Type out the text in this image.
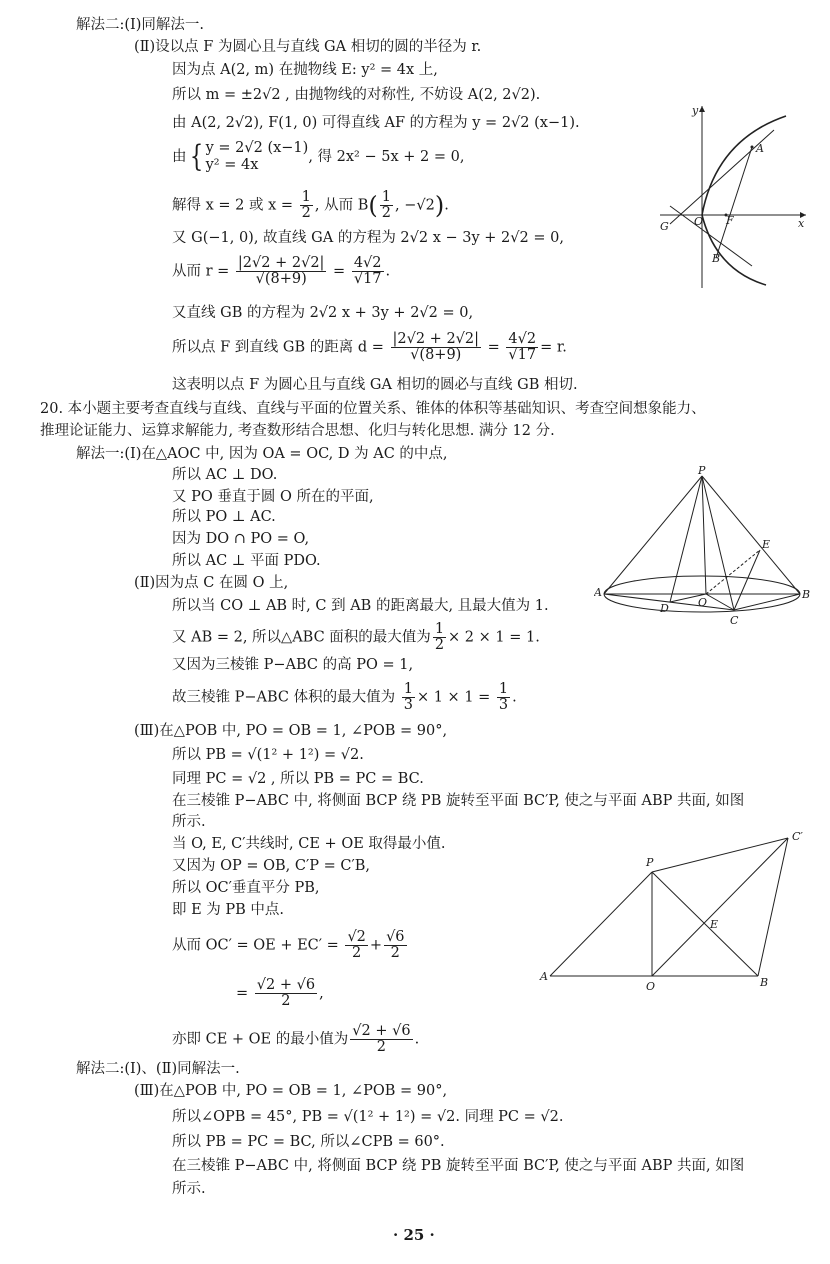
解法二:(Ⅰ)同解法一.
(Ⅱ)设以点 F 为圆心且与直线 GA 相切的圆的半径为 r.
因为点 A(2, m) 在抛物线 E: y² = 4x 上,
所以 m = ±2√2 , 由抛物线的对称性, 不妨设 A(2, 2√2).
由 A(2, 2√2), F(1, 0) 可得直线 AF 的方程为 y = 2√2 (x−1).
由{ y = 2√2 (x−1)
y² = 4x	, 得 2x² − 5x + 2 = 0,
解得 x = 2 或 $x = \frac{1}{2}$ , 从而 $B( \frac{1}{2}$ , −√2).
又 G(−1, 0), 故直线 GA 的方程为 2√2 x − 3y + 2√2 = 0,
从而 $r = \frac{|2√2 + 2√2|}{√(8+9)} = \frac{4√2}{√17}$ .
又直线 GB 的方程为 2√2 x + 3y + 2√2 = 0,
所以点 F 到直线 GB 的距离 $d = \frac{|2√2 + 2√2|}{√(8+9)} = \frac{4√2}{√17} = r$.
这表明以点 F 为圆心且与直线 GA 相切的圆必与直线 GB 相切.
y
A
O F	x
G
B
20. 本小题主要考查直线与直线、直线与平面的位置关系、锥体的体积等基础知识、考查空间想象能力、
推理论证能力、运算求解能力, 考查数形结合思想、化归与转化思想. 满分 12 分.
解法一:(Ⅰ)在△AOC 中, 因为 OA = OC, D 为 AC 的中点,
所以 AC ⊥ DO.
又 PO 垂直于圆 O 所在的平面,
所以 PO ⊥ AC.
因为 DO ∩ PO = O,
所以 AC ⊥ 平面 PDO.
(Ⅱ)因为点 C 在圆 O 上,
所以当 CO ⊥ AB 时, C 到 AB 的距离最大, 且最大值为 1.
又 AB = 2, 所以△ABC 面积的最大值为 $\frac{1}{2} \times 2 \times 1 = 1$.
又因为三棱锥 P−ABC 的高 PO = 1,
故三棱锥 P−ABC 体积的最大值为 $\frac{1}{3} \times 1 \times 1 = \frac{1}{3}$ .
P
E
A
D	O
C
B
(Ⅲ)在△POB 中, PO = OB = 1, ∠POB = 90°,
所以 PB = √(1² + 1²) = √2.
同理 PC = √2 , 所以 PB = PC = BC.
在三棱锥 P−ABC 中, 将侧面 BCP 绕 PB 旋转至平面 BC′P, 使之与平面 ABP 共面, 如图
所示.
当 O, E, C′共线时, CE + OE 取得最小值.
又因为 OP = OB, C′P = C′B,
所以 OC′垂直平分 PB,
即 E 为 PB 中点.
从而 OC′ = OE + $EC' = \frac{√2}{2} + \frac{√6}{2}$
= $\frac{√2 + √6}{2}$ ,
亦即 CE + OE 的最小值为 $\frac{√2 + √6}{2}$ .
C′
P
E
A
O	B
解法二:(Ⅰ)、(Ⅱ)同解法一.
(Ⅲ)在△POB 中, PO = OB = 1, ∠POB = 90°,
所以∠OPB = 45°, PB = √(1² + 1²) = √2. 同理 PC = √2.
所以 PB = PC = BC, 所以∠CPB = 60°.
在三棱锥 P−ABC 中, 将侧面 BCP 绕 PB 旋转至平面 BC′P, 使之与平面 ABP 共面, 如图
所示.
· 25 ·
